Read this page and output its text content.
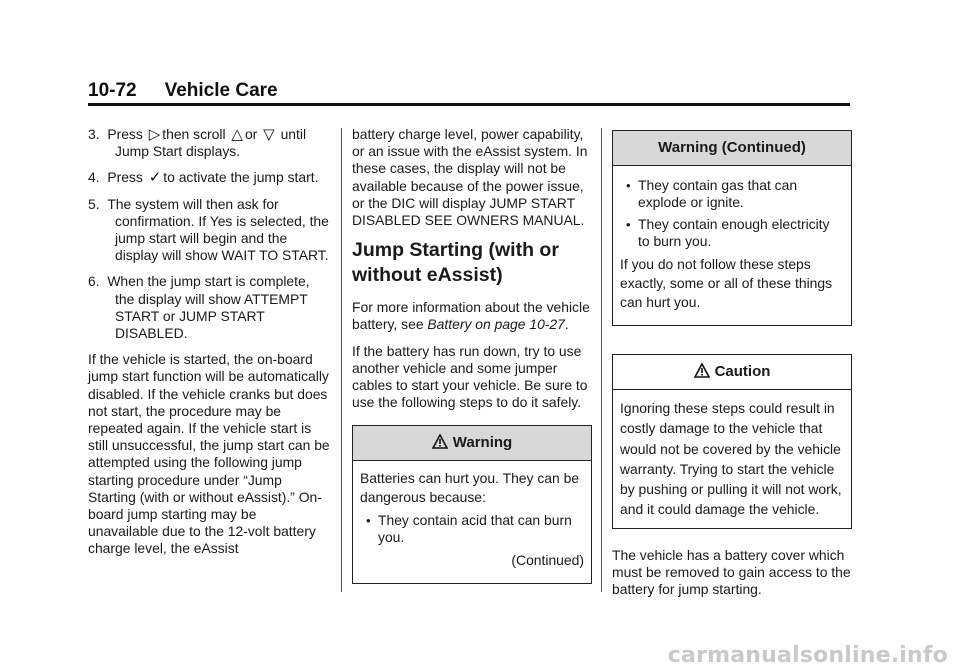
10-72 Vehicle Care
3. Press ▷ then scroll △ or ▽ until Jump Start displays.
4. Press ✓ to activate the jump start.
5. The system will then ask for confirmation. If Yes is selected, the jump start will begin and the display will show WAIT TO START.
6. When the jump start is complete, the display will show ATTEMPT START or JUMP START DISABLED.

If the vehicle is started, the on-board jump start function will be automatically disabled. If the vehicle cranks but does not start, the procedure may be repeated again. If the vehicle start is still unsuccessful, the jump start can be attempted using the following jump starting procedure under “Jump Starting (with or without eAssist).” On-board jump starting may be unavailable due to the 12-volt battery charge level, the eAssist

battery charge level, power capability, or an issue with the eAssist system. In these cases, the display will not be available because of the power issue, or the DIC will display JUMP START DISABLED SEE OWNERS MANUAL.

Jump Starting (with or without eAssist)

For more information about the vehicle battery, see Battery on page 10-27.

If the battery has run down, try to use another vehicle and some jumper cables to start your vehicle. Be sure to use the following steps to do it safely.

Warning

Batteries can hurt you. They can be dangerous because:

• They contain acid that can burn you.

(Continued)

Warning (Continued)
• They contain gas that can explode or ignite.
• They contain enough electricity to burn you.

If you do not follow these steps exactly, some or all of these things can hurt you.

Caution

Ignoring these steps could result in costly damage to the vehicle that would not be covered by the vehicle warranty. Trying to start the vehicle by pushing or pulling it will not work, and it could damage the vehicle.

The vehicle has a battery cover which must be removed to gain access to the battery for jump starting.

carmanualsonline.info
